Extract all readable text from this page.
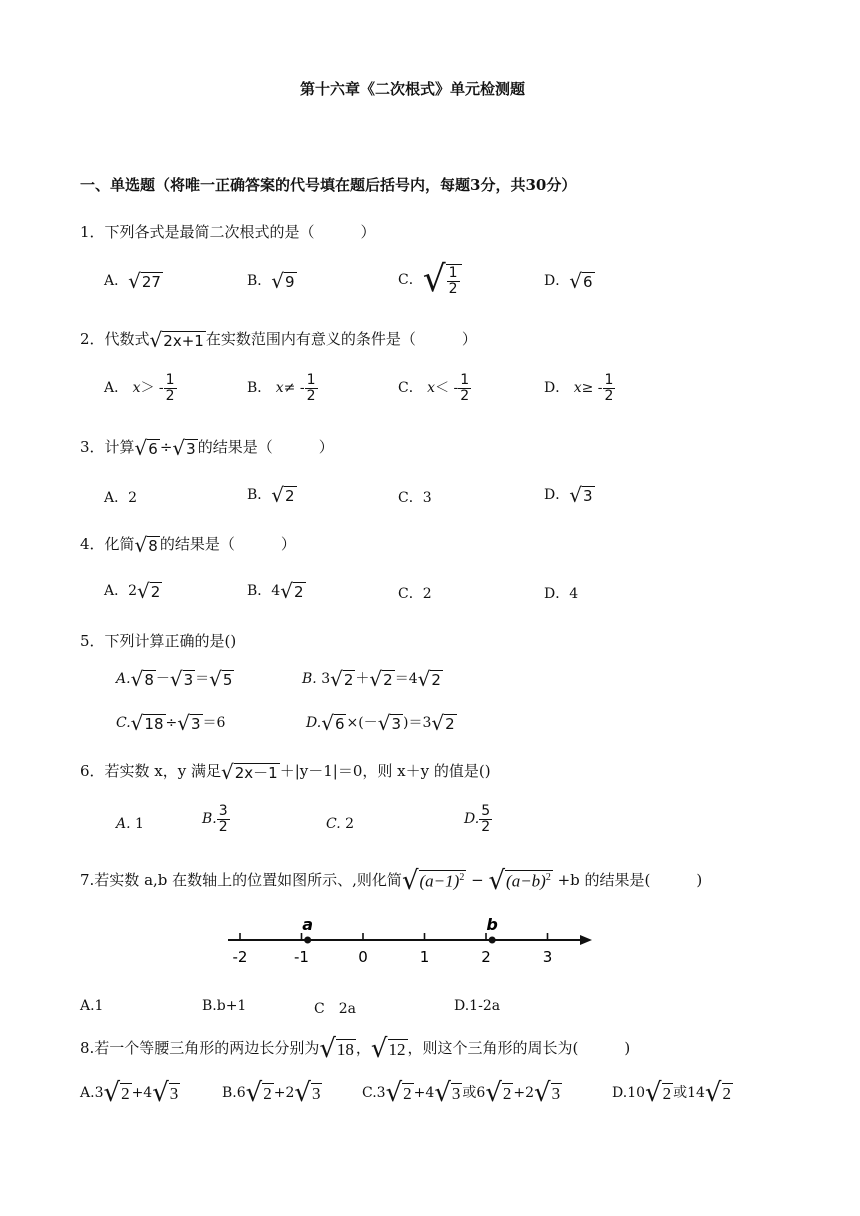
第十六章《二次根式》单元检测题
一、单选题（将唯一正确答案的代号填在题后括号内，每题3分，共30分）
1．下列各式是最简二次根式的是（	）
A．√27	B．√9	C．√ $\frac{1}{2}$	D．√6
2．代数式√2x+1 在实数范围内有意义的条件是（	）
A． $x> - \frac{1}{2}$	B． $x\ne - \frac{1}{2}$	C． $x< - \frac{1}{2}$	D． $x\ge - \frac{1}{2}$
3．计算√6 ÷√3 的结果是（	）
A．2	B．√2	C．3	D．√3
4．化简√8 的结果是（	）
A．2√2	B．4√2	C．2	D．4
5．下列计算正确的是()
A.√8 －√3 ＝√5	B. 3√2 ＋√2 ＝4√2
C.√18 ÷√3 ＝6	D.√6 ×(－√3 )＝3√2
6．若实数 x，y 满足√2x－1 ＋|y－1|＝0，则 x＋y 的值是()
A. 1	B. $\frac{3}{2}$	C. 2	D. $\frac{5}{2}$
7.若实数 a,b 在数轴上的位置如图所示、,则化简$√(a-1)^2 - √(a-b)^2 +b$ 的结果是(	)
-2	-1	0	1	2	3
a	b
A.1	B.b+1	C　2a	D.1-2a
8.若一个等腰三角形的两边长分别为√18 ，√12 ，则这个三角形的周长为(	)
A.3√2 +4√3	B.6√2 +2√3	C.3√2 +4√3 或6√2 +2√3	D.10√2 或14√2
